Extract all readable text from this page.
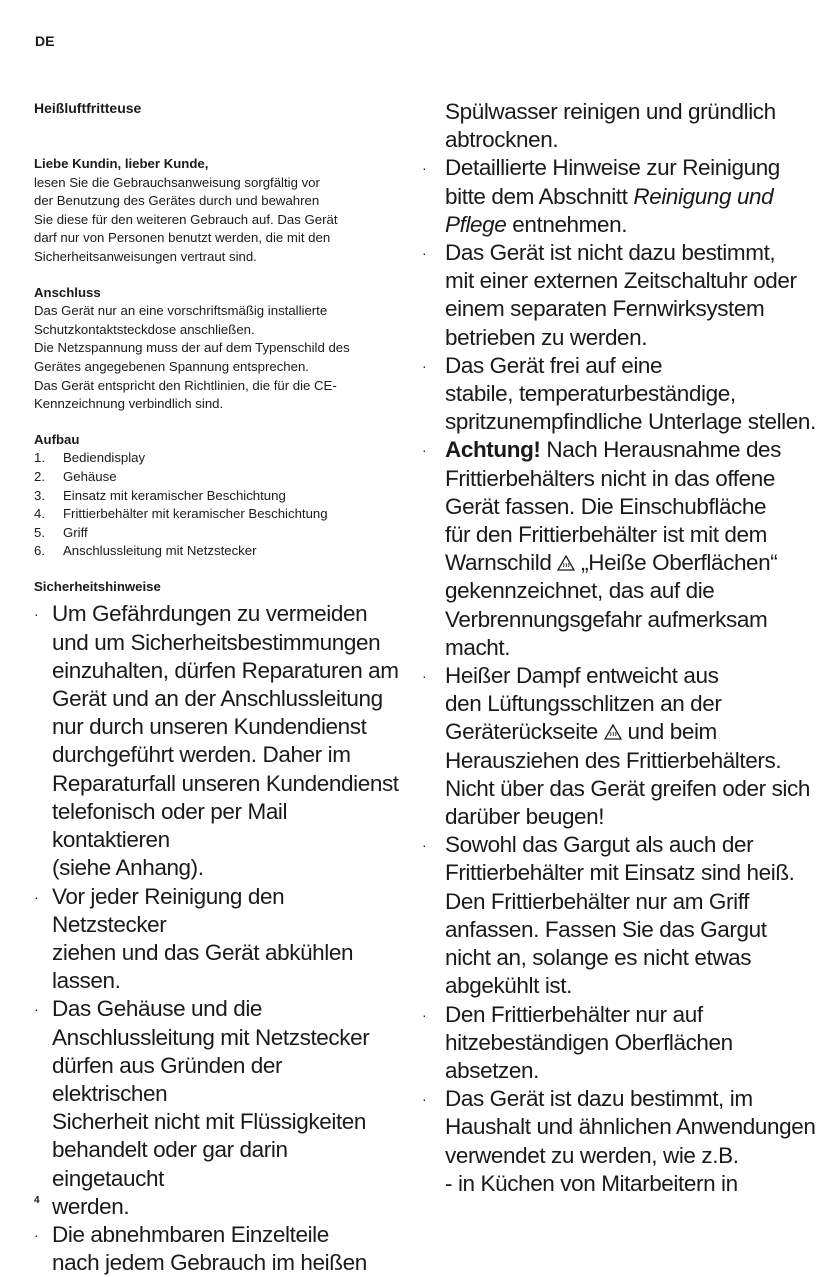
DE

Heißluftfritteuse

Liebe Kundin, lieber Kunde,

lesen Sie die Gebrauchsanweisung sorgfältig vor

der Benutzung des Gerätes durch und bewahren

Sie diese für den weiteren Gebrauch auf. Das Gerät

darf nur von Personen benutzt werden, die mit den

Sicherheitsanweisungen vertraut sind.

Anschluss

Das Gerät nur an eine vorschriftsmäßig installierte

Schutzkontaktsteckdose anschließen.

Die Netzspannung muss der auf dem Typenschild des

Gerätes angegebenen Spannung entsprechen.

Das Gerät entspricht den Richtlinien, die für die CE-

Kennzeichnung verbindlich sind.

Aufbau

1.	Bediendisplay
2.	Gehäuse
3.	Einsatz mit keramischer Beschichtung
4.	Frittierbehälter mit keramischer Beschichtung
5.	Griff
6.	Anschlussleitung mit Netzstecker

Sicherheitshinweise

· Um Gefährdungen zu vermeiden
und um Sicherheitsbestimmungen
einzuhalten, dürfen Reparaturen am
Gerät und an der Anschlussleitung
nur durch unseren Kundendienst
durchgeführt werden. Daher im
Reparaturfall unseren Kundendienst
telefonisch oder per Mail kontaktieren
(siehe Anhang).
· Vor jeder Reinigung den Netzstecker
ziehen und das Gerät abkühlen
lassen.
· Das Gehäuse und die
Anschlussleitung mit Netzstecker
dürfen aus Gründen der elektrischen
Sicherheit nicht mit Flüssigkeiten
behandelt oder gar darin eingetaucht
werden.
· Die abnehmbaren Einzelteile
nach jedem Gebrauch im heißen

Spülwasser reinigen und gründlich
abtrocknen.

· Detaillierte Hinweise zur Reinigung
bitte dem Abschnitt Reinigung und
Pflege entnehmen.
· Das Gerät ist nicht dazu bestimmt,
mit einer externen Zeitschaltuhr oder
einem separaten Fernwirksystem
betrieben zu werden.
· Das Gerät frei auf eine
stabile, temperaturbeständige,
spritzunempfindliche Unterlage stellen.
· Achtung! Nach Herausnahme des
Frittierbehälters nicht in das offene
Gerät fassen. Die Einschubfläche
für den Frittierbehälter ist mit dem
Warnschild  „Heiße Oberflächen“
gekennzeichnet, das auf die
Verbrennungsgefahr aufmerksam
macht.
· Heißer Dampf entweicht aus
den Lüftungsschlitzen an der
Geräterückseite  und beim
Herausziehen des Frittierbehälters.
Nicht über das Gerät greifen oder sich
darüber beugen!
· Sowohl das Gargut als auch der
Frittierbehälter mit Einsatz sind heiß.
Den Frittierbehälter nur am Griff
anfassen. Fassen Sie das Gargut
nicht an, solange es nicht etwas
abgekühlt ist.
· Den Frittierbehälter nur auf
hitzebeständigen Oberflächen
absetzen.
· Das Gerät ist dazu bestimmt, im
Haushalt und ähnlichen Anwendungen
verwendet zu werden, wie z.B.
- in Küchen von Mitarbeitern in
4
